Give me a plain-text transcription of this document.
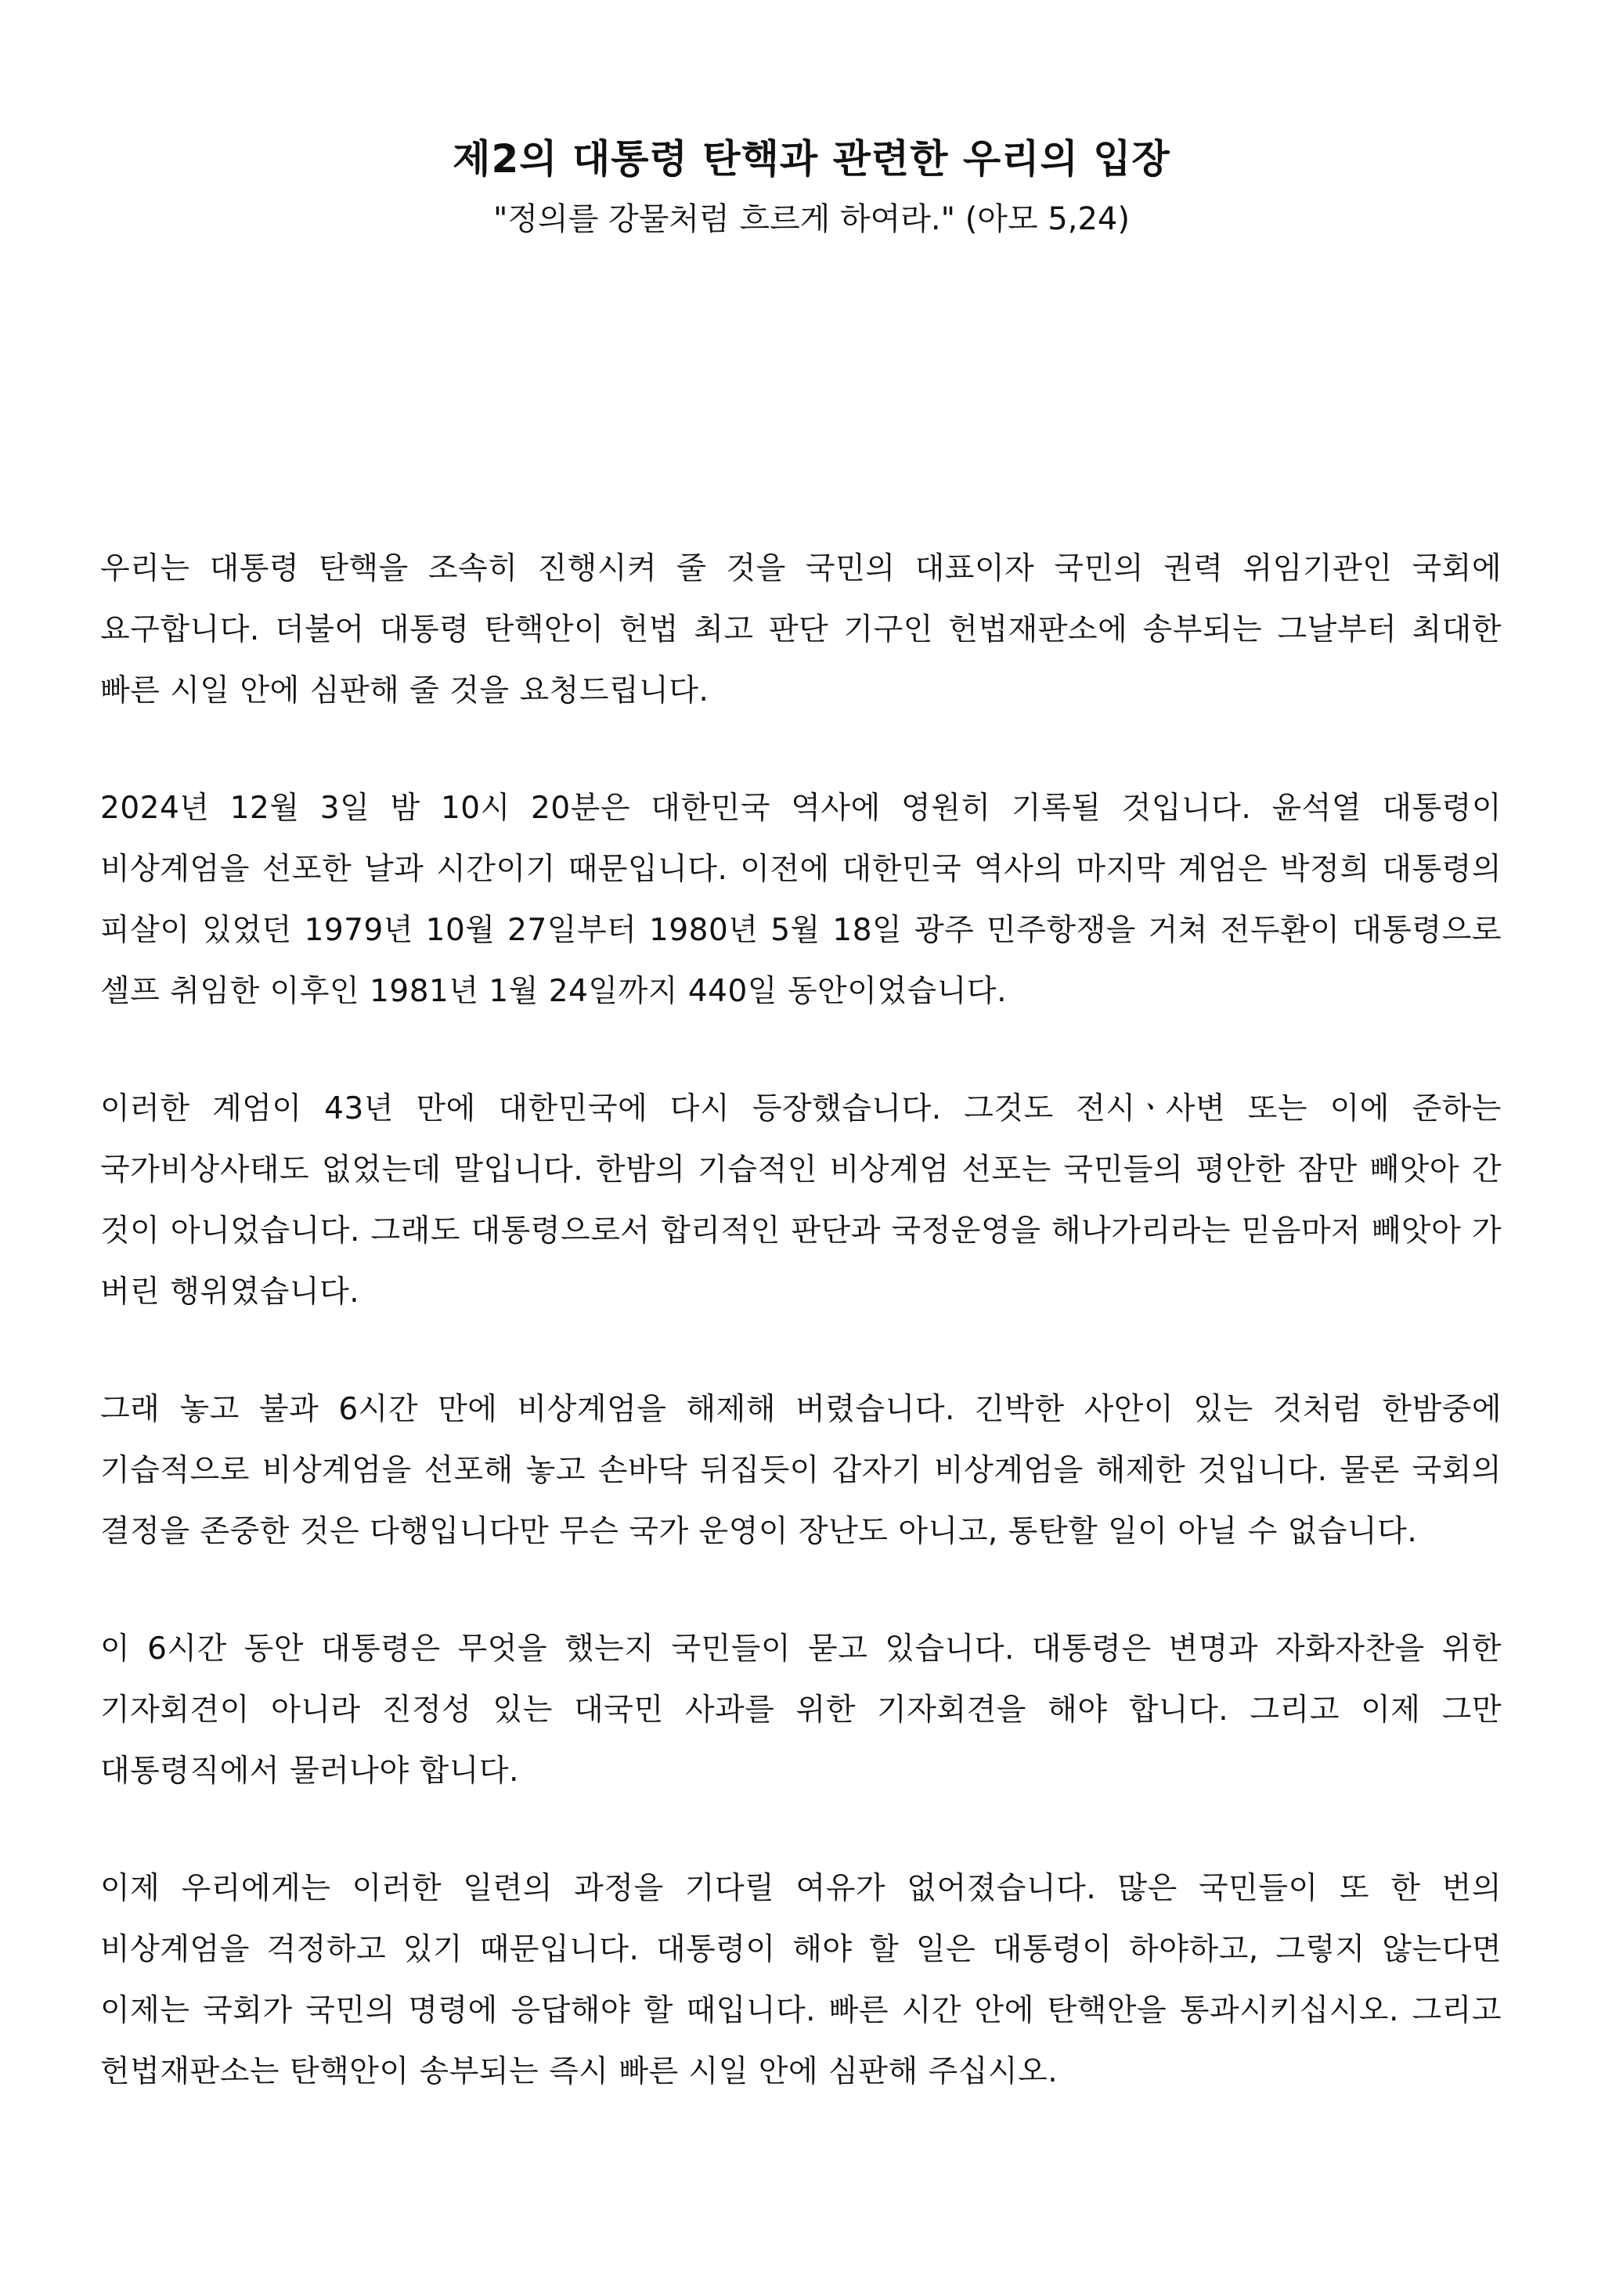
제2의 대통령 탄핵과 관련한 우리의 입장

"정의를 강물처럼 흐르게 하여라." (아모 5,24)

우리는 대통령 탄핵을 조속히 진행시켜 줄 것을 국민의 대표이자 국민의 권력 위임기관인 국회에 요구합니다. 더불어 대통령 탄핵안이 헌법 최고 판단 기구인 헌법재판소에 송부되는 그날부터 최대한 빠른 시일 안에 심판해 줄 것을 요청드립니다.

2024년 12월 3일 밤 10시 20분은 대한민국 역사에 영원히 기록될 것입니다. 윤석열 대통령이 비상계엄을 선포한 날과 시간이기 때문입니다. 이전에 대한민국 역사의 마지막 계엄은 박정희 대통령의 피살이 있었던 1979년 10월 27일부터 1980년 5월 18일 광주 민주항쟁을 거쳐 전두환이 대통령으로 셀프 취임한 이후인 1981년 1월 24일까지 440일 동안이었습니다.

이러한 계엄이 43년 만에 대한민국에 다시 등장했습니다. 그것도 전시ㆍ사변 또는 이에 준하는 국가비상사태도 없었는데 말입니다. 한밤의 기습적인 비상계엄 선포는 국민들의 평안한 잠만 빼앗아 간 것이 아니었습니다. 그래도 대통령으로서 합리적인 판단과 국정운영을 해나가리라는 믿음마저 빼앗아 가 버린 행위였습니다.

그래 놓고 불과 6시간 만에 비상계엄을 해제해 버렸습니다. 긴박한 사안이 있는 것처럼 한밤중에 기습적으로 비상계엄을 선포해 놓고 손바닥 뒤집듯이 갑자기 비상계엄을 해제한 것입니다. 물론 국회의 결정을 존중한 것은 다행입니다만 무슨 국가 운영이 장난도 아니고, 통탄할 일이 아닐 수 없습니다.

이 6시간 동안 대통령은 무엇을 했는지 국민들이 묻고 있습니다. 대통령은 변명과 자화자찬을 위한 기자회견이 아니라 진정성 있는 대국민 사과를 위한 기자회견을 해야 합니다. 그리고 이제 그만 대통령직에서 물러나야 합니다.

이제 우리에게는 이러한 일련의 과정을 기다릴 여유가 없어졌습니다. 많은 국민들이 또 한 번의 비상계엄을 걱정하고 있기 때문입니다. 대통령이 해야 할 일은 대통령이 하야하고, 그렇지 않는다면 이제는 국회가 국민의 명령에 응답해야 할 때입니다. 빠른 시간 안에 탄핵안을 통과시키십시오. 그리고 헌법재판소는 탄핵안이 송부되는 즉시 빠른 시일 안에 심판해 주십시오.
